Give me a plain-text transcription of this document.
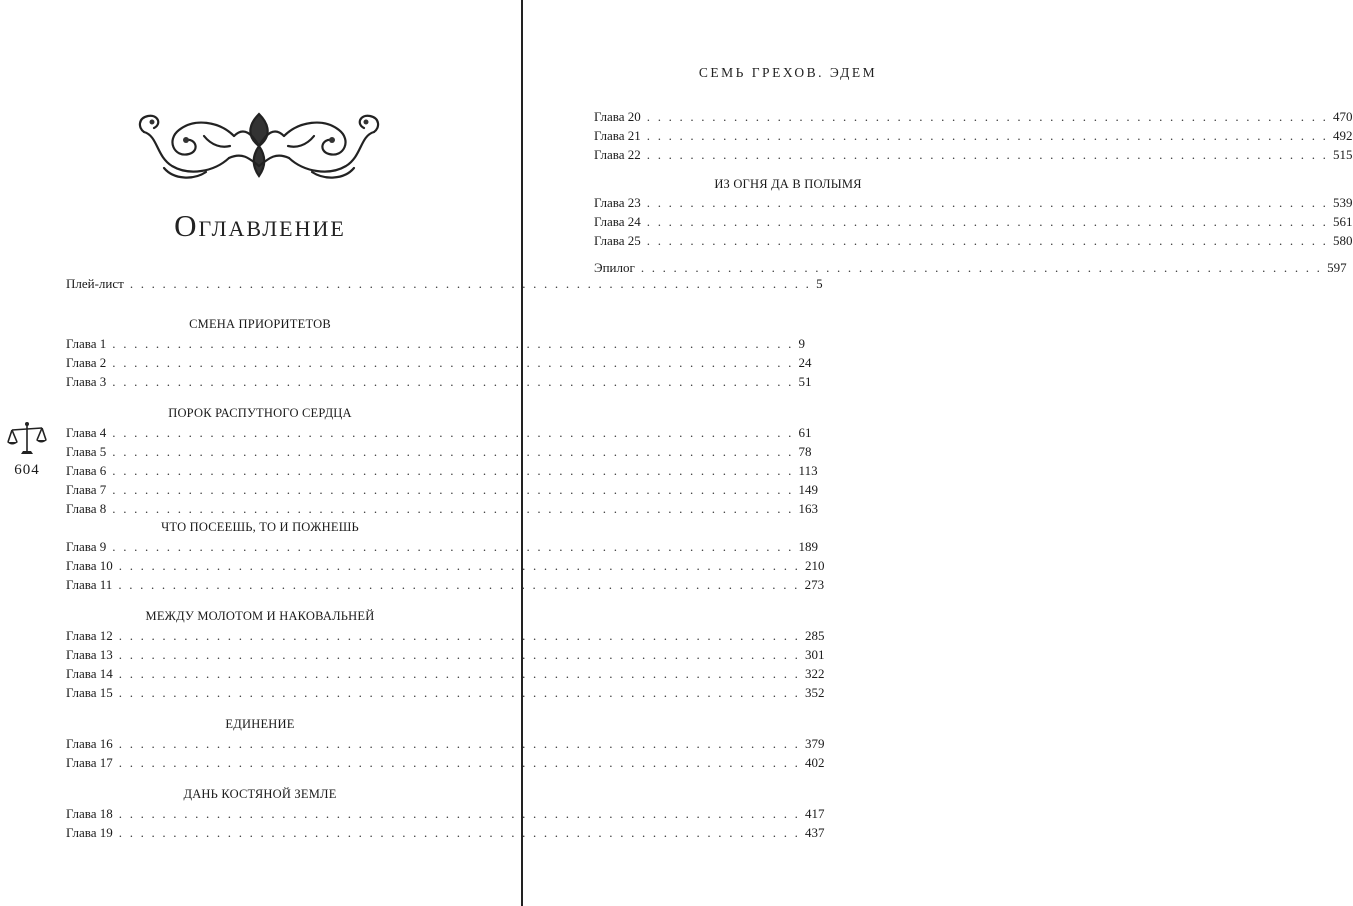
Оглавление
604
СЕМЬ ГРЕХОВ. ЭДЕМ
Плей-лист . . . . . . . . . . . . . . . . . . . . . . . . . . . . . . . . . . . . . . . . . . . . . . . . . . . . . . . . . . . . . . . 5
СМЕНА ПРИОРИТЕТОВ
Глава 1 . . . . . . . . . . . . . . . . . . . . . . . . . . . . . . . . . . . . . . . . . . . . . . . . . . . . . . . . . . . . . . . 9
Глава 2 . . . . . . . . . . . . . . . . . . . . . . . . . . . . . . . . . . . . . . . . . . . . . . . . . . . . . . . . . . . . . . . 24
Глава 3 . . . . . . . . . . . . . . . . . . . . . . . . . . . . . . . . . . . . . . . . . . . . . . . . . . . . . . . . . . . . . . . 51
ПОРОК РАСПУТНОГО СЕРДЦА
Глава 4 . . . . . . . . . . . . . . . . . . . . . . . . . . . . . . . . . . . . . . . . . . . . . . . . . . . . . . . . . . . . . . . 61
Глава 5 . . . . . . . . . . . . . . . . . . . . . . . . . . . . . . . . . . . . . . . . . . . . . . . . . . . . . . . . . . . . . . . 78
Глава 6 . . . . . . . . . . . . . . . . . . . . . . . . . . . . . . . . . . . . . . . . . . . . . . . . . . . . . . . . . . . . . . . 113
Глава 7 . . . . . . . . . . . . . . . . . . . . . . . . . . . . . . . . . . . . . . . . . . . . . . . . . . . . . . . . . . . . . . . 149
Глава 8 . . . . . . . . . . . . . . . . . . . . . . . . . . . . . . . . . . . . . . . . . . . . . . . . . . . . . . . . . . . . . . . 163
ЧТО ПОСЕЕШЬ, ТО И ПОЖНЕШЬ
Глава 9 . . . . . . . . . . . . . . . . . . . . . . . . . . . . . . . . . . . . . . . . . . . . . . . . . . . . . . . . . . . . . . . 189
Глава 10 . . . . . . . . . . . . . . . . . . . . . . . . . . . . . . . . . . . . . . . . . . . . . . . . . . . . . . . . . . . . . . . 210
Глава 11 . . . . . . . . . . . . . . . . . . . . . . . . . . . . . . . . . . . . . . . . . . . . . . . . . . . . . . . . . . . . . . . 273
МЕЖДУ МОЛОТОМ И НАКОВАЛЬНЕЙ
Глава 12 . . . . . . . . . . . . . . . . . . . . . . . . . . . . . . . . . . . . . . . . . . . . . . . . . . . . . . . . . . . . . . . 285
Глава 13 . . . . . . . . . . . . . . . . . . . . . . . . . . . . . . . . . . . . . . . . . . . . . . . . . . . . . . . . . . . . . . . 301
Глава 14 . . . . . . . . . . . . . . . . . . . . . . . . . . . . . . . . . . . . . . . . . . . . . . . . . . . . . . . . . . . . . . . 322
Глава 15 . . . . . . . . . . . . . . . . . . . . . . . . . . . . . . . . . . . . . . . . . . . . . . . . . . . . . . . . . . . . . . . 352
ЕДИНЕНИЕ
Глава 16 . . . . . . . . . . . . . . . . . . . . . . . . . . . . . . . . . . . . . . . . . . . . . . . . . . . . . . . . . . . . . . . 379
Глава 17 . . . . . . . . . . . . . . . . . . . . . . . . . . . . . . . . . . . . . . . . . . . . . . . . . . . . . . . . . . . . . . . 402
ДАНЬ КОСТЯНОЙ ЗЕМЛЕ
Глава 18 . . . . . . . . . . . . . . . . . . . . . . . . . . . . . . . . . . . . . . . . . . . . . . . . . . . . . . . . . . . . . . . 417
Глава 19 . . . . . . . . . . . . . . . . . . . . . . . . . . . . . . . . . . . . . . . . . . . . . . . . . . . . . . . . . . . . . . . 437
Глава 20 . . . . . . . . . . . . . . . . . . . . . . . . . . . . . . . . . . . . . . . . . . . . . . . . . . . . . . . . . . . . . . . 470
Глава 21 . . . . . . . . . . . . . . . . . . . . . . . . . . . . . . . . . . . . . . . . . . . . . . . . . . . . . . . . . . . . . . . 492
Глава 22 . . . . . . . . . . . . . . . . . . . . . . . . . . . . . . . . . . . . . . . . . . . . . . . . . . . . . . . . . . . . . . . 515
ИЗ ОГНЯ ДА В ПОЛЫМЯ
Глава 23 . . . . . . . . . . . . . . . . . . . . . . . . . . . . . . . . . . . . . . . . . . . . . . . . . . . . . . . . . . . . . . . 539
Глава 24 . . . . . . . . . . . . . . . . . . . . . . . . . . . . . . . . . . . . . . . . . . . . . . . . . . . . . . . . . . . . . . . 561
Глава 25 . . . . . . . . . . . . . . . . . . . . . . . . . . . . . . . . . . . . . . . . . . . . . . . . . . . . . . . . . . . . . . . 580
Эпилог . . . . . . . . . . . . . . . . . . . . . . . . . . . . . . . . . . . . . . . . . . . . . . . . . . . . . . . . . . . . . . . 597
